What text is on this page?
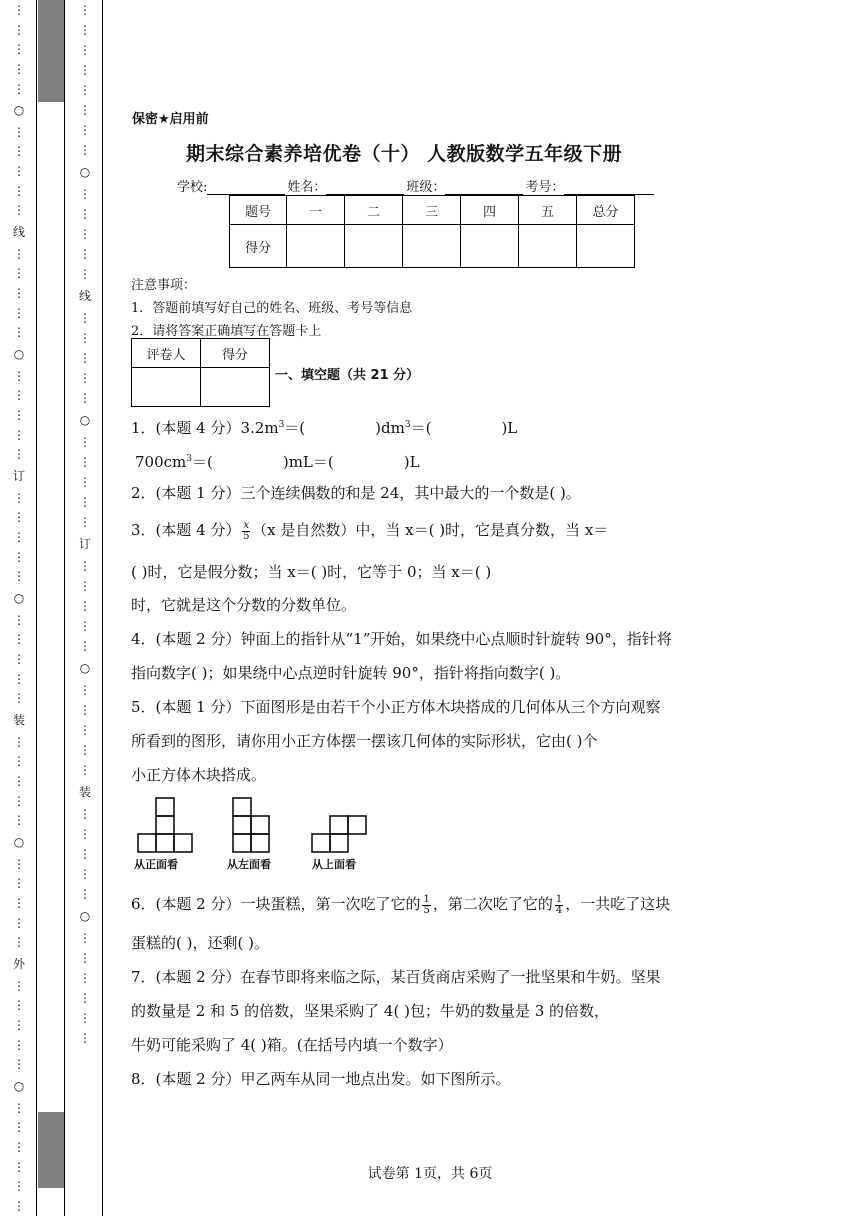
⋮
⋮
⋮
⋮
⋮
○
⋮
⋮
⋮
⋮
⋮
线
⋮
⋮
⋮
⋮
⋮
○
⋮
⋮
⋮
⋮
⋮
订
⋮
⋮
⋮
⋮
⋮
○
⋮
⋮
⋮
⋮
⋮
装
⋮
⋮
⋮
⋮
⋮
○
⋮
⋮
⋮
⋮
⋮
外
⋮
⋮
⋮
⋮
⋮
○
⋮
⋮
⋮
⋮
⋮
⋮
⋮
⋮
⋮
⋮
⋮
⋮
⋮
⋮
○
⋮
⋮
⋮
⋮
⋮
线
⋮
⋮
⋮
⋮
⋮
○
⋮
⋮
⋮
⋮
⋮
订
⋮
⋮
⋮
⋮
⋮
○
⋮
⋮
⋮
⋮
⋮
装
⋮
⋮
⋮
⋮
⋮
○
⋮
⋮
⋮
⋮
⋮
⋮
保密★启用前
期末综合素养培优卷（十） 人教版数学五年级下册
学校:	姓名：	班级：	考号：
题号	一	二	三	四	五	总分
得分						
注意事项：
1．答题前填写好自己的姓名、班级、考号等信息
2．请将答案正确填写在答题卡上
评卷人	得分

一、填空题（共 21 分）
1．(本题 4 分）$3.2m^3=$(	)$dm^3=$(	)L
$700cm^3=$(	)mL＝(	)L
2．(本题 1 分）三个连续偶数的和是 24，其中最大的一个数是( )。
3．(本题 4 分） $\frac{x}{5} (x$ 是自然数）中，当 x＝( )时，它是真分数，当 x＝
( )时，它是假分数；当 x＝( )时，它等于 0；当 x＝( )
时，它就是这个分数的分数单位。
4．(本题 2 分）钟面上的指针从“1”开始，如果绕中心点顺时针旋转 90°，指针将
指向数字( )；如果绕中心点逆时针旋转 90°，指针将指向数字( )。
5．(本题 1 分）下面图形是由若干个小正方体木块搭成的几何体从三个方向观察
所看到的图形，请你用小正方体摆一摆该几何体的实际形状，它由( )个
小正方体木块搭成。
从正面看	从左面看	从上面看
6．(本题 2 分）一块蛋糕，第一次吃了它的 $\frac{1}{5}$ ，第二次吃了它的 $\frac{1}{4}$ ，一共吃了这块
蛋糕的( )，还剩( )。
7．(本题 2 分）在春节即将来临之际，某百货商店采购了一批坚果和牛奶。坚果
的数量是 2 和 5 的倍数，坚果采购了 4( )包；牛奶的数量是 3 的倍数，
牛奶可能采购了 4( )箱。(在括号内填一个数字）
8．(本题 2 分）甲乙两车从同一地点出发。如下图所示。
试卷第 1页，共 6页
